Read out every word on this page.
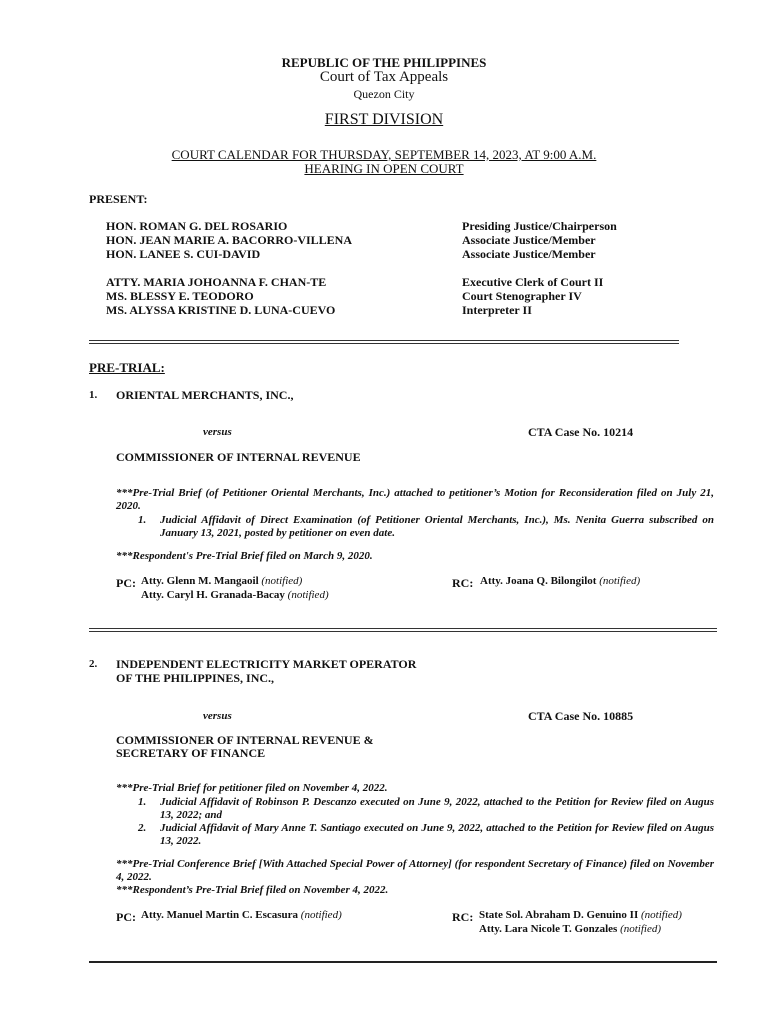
REPUBLIC OF THE PHILIPPINES
Court of Tax Appeals
Quezon City
FIRST DIVISION
COURT CALENDAR FOR THURSDAY, SEPTEMBER 14, 2023, AT 9:00 A.M.
HEARING IN OPEN COURT
PRESENT:
HON. ROMAN G. DEL ROSARIO	Presiding Justice/Chairperson
HON. JEAN MARIE A. BACORRO-VILLENA	Associate Justice/Member
HON. LANEE S. CUI-DAVID	Associate Justice/Member
ATTY. MARIA JOHOANNA F. CHAN-TE	Executive Clerk of Court II
MS. BLESSY E. TEODORO	Court Stenographer IV
MS. ALYSSA KRISTINE D. LUNA-CUEVO	Interpreter II
PRE-TRIAL:
1. ORIENTAL MERCHANTS, INC.,
versus	CTA Case No. 10214
COMMISSIONER OF INTERNAL REVENUE
***Pre-Trial Brief (of Petitioner Oriental Merchants, Inc.) attached to petitioner’s Motion for Reconsideration filed on July 21, 2020.
1. Judicial Affidavit of Direct Examination (of Petitioner Oriental Merchants, Inc.), Ms. Nenita Guerra subscribed on January 13, 2021, posted by petitioner on even date.
***Respondent's Pre-Trial Brief filed on March 9, 2020.
PC: Atty. Glenn M. Mangaoil (notified)
Atty. Caryl H. Granada-Bacay (notified)
RC: Atty. Joana Q. Bilongilot (notified)
2. INDEPENDENT ELECTRICITY MARKET OPERATOR
OF THE PHILIPPINES, INC.,
versus	CTA Case No. 10885
COMMISSIONER OF INTERNAL REVENUE &
SECRETARY OF FINANCE
***Pre-Trial Brief for petitioner filed on November 4, 2022.
1. Judicial Affidavit of Robinson P. Descanzo executed on June 9, 2022, attached to the Petition for Review filed on Augus 13, 2022; and
2. Judicial Affidavit of Mary Anne T. Santiago executed on June 9, 2022, attached to the Petition for Review filed on Augus 13, 2022.
***Pre-Trial Conference Brief [With Attached Special Power of Attorney] (for respondent Secretary of Finance) filed on November 4, 2022.
***Respondent’s Pre-Trial Brief filed on November 4, 2022.
PC: Atty. Manuel Martin C. Escasura (notified)	RC: State Sol. Abraham D. Genuino II (notified)
Atty. Lara Nicole T. Gonzales (notified)
